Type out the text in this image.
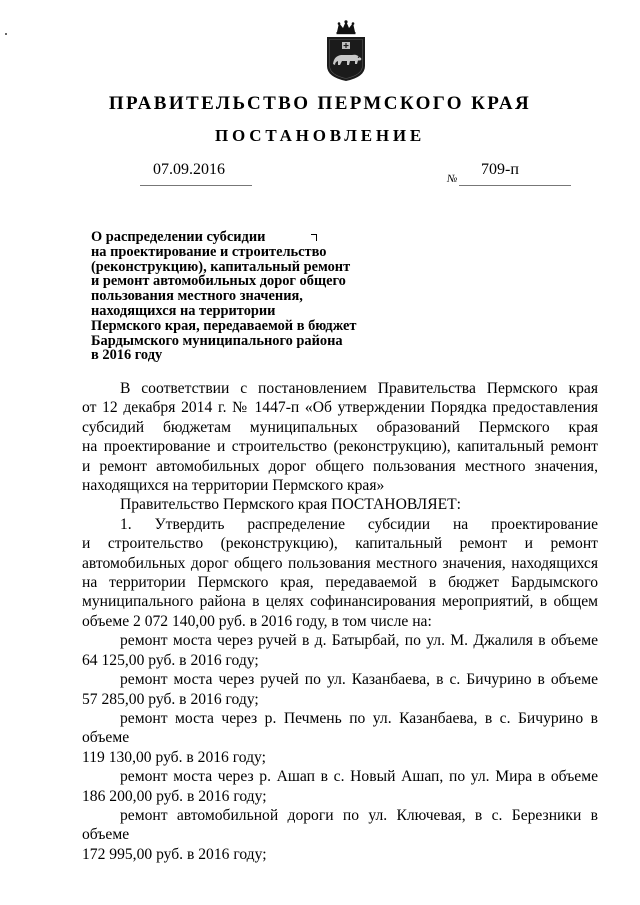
ПРАВИТЕЛЬСТВО ПЕРМСКОГО КРАЯ
ПОСТАНОВЛЕНИЕ
07.09.2016
№
709-п
О распределении субсидии
на проектирование и строительство
(реконструкцию), капитальный ремонт
и ремонт автомобильных дорог общего
пользования местного значения,
находящихся на территории
Пермского края, передаваемой в бюджет
Бардымского муниципального района
в 2016 году

В соответствии с постановлением Правительства Пермского края

от 12 декабря 2014 г. № 1447-п «Об утверждении Порядка предоставления

субсидий бюджетам муниципальных образований Пермского края

на проектирование и строительство (реконструкцию), капитальный ремонт

и ремонт автомобильных дорог общего пользования местного значения,

находящихся на территории Пермского края»

Правительство Пермского края ПОСТАНОВЛЯЕТ:

1. Утвердить распределение субсидии на проектирование

и строительство (реконструкцию), капитальный ремонт и ремонт

автомобильных дорог общего пользования местного значения, находящихся

на территории Пермского края, передаваемой в бюджет Бардымского

муниципального района в целях софинансирования мероприятий, в общем

объеме 2 072 140,00 руб. в 2016 году, в том числе на:

ремонт моста через ручей в д. Батырбай, по ул. М. Джалиля в объеме

64 125,00 руб. в 2016 году;

ремонт моста через ручей по ул. Казанбаева, в с. Бичурино в объеме

57 285,00 руб. в 2016 году;

ремонт моста через р. Печмень по ул. Казанбаева, в с. Бичурино в объеме

119 130,00 руб. в 2016 году;

ремонт моста через р. Ашап в с. Новый Ашап, по ул. Мира в объеме

186 200,00 руб. в 2016 году;

ремонт автомобильной дороги по ул. Ключевая, в с. Березники в объеме

172 995,00 руб. в 2016 году;
